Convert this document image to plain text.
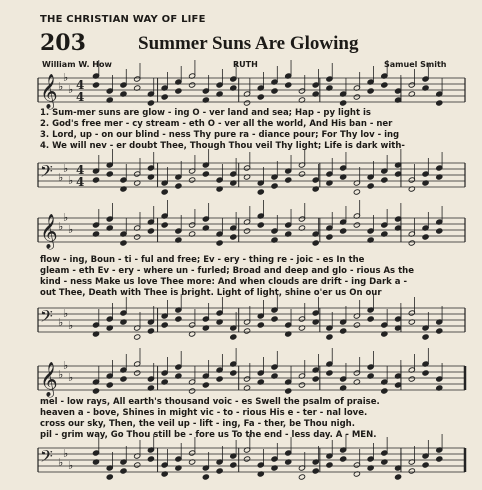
THE CHRISTIAN WAY OF LIFE
203	Summer Suns Are Glowing
William W. How	RUTH	Samuel Smith
𝄞 ♭
♭
♭ 4
4
1. Sum-mer suns are glow - ing O - ver land and sea; Hap - py light is
2. God's free mer - cy stream - eth O - ver all the world, And His ban - ner
3. Lord, up - on our blind - ness Thy pure ra - diance pour; For Thy lov - ing
4. We will nev - er doubt Thee, Though Thou veil Thy light; Life is dark with-
𝄢 ♭
♭
♭
4
4
𝄞 ♭
♭
♭
flow - ing, Boun - ti - ful and free; Ev - ery - thing re - joic - es In the
gleam - eth Ev - ery - where un - furled; Broad and deep and glo - rious As the
kind - ness Make us love Thee more: And when clouds are drift - ing Dark a -
out Thee, Death with Thee is bright. Light of light, shine o'er us On our
𝄢 ♭
♭
♭
𝄞 ♭
♭
♭
mel - low rays, All earth's thousand voic - es Swell the psalm of praise.
heaven a - bove, Shines in might vic - to - rious His e - ter - nal love.
cross our sky, Then, the veil up - lift - ing, Fa - ther, be Thou nigh.
pil - grim way, Go Thou still be - fore us To the end - less day. A - MEN.
𝄢 ♭
♭
♭
